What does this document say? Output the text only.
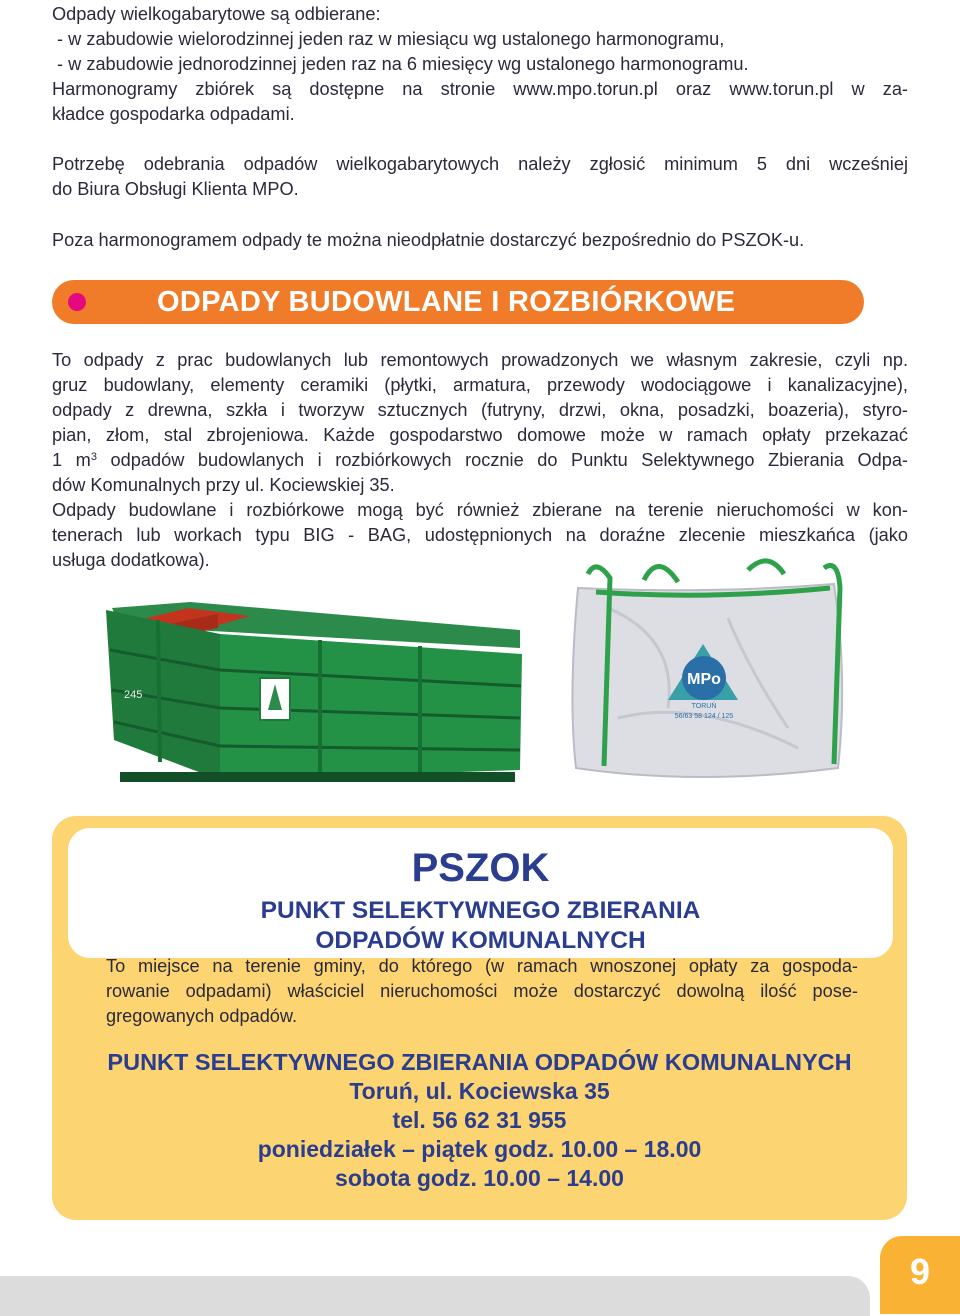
Odpady wielkogabarytowe są odbierane:
- w zabudowie wielorodzinnej jeden raz w miesiącu wg ustalonego harmonogramu,
- w zabudowie jednorodzinnej jeden raz na 6 miesięcy wg ustalonego harmonogramu.
Harmonogramy zbiórek są dostępne na stronie www.mpo.torun.pl oraz www.torun.pl w za-
kładce gospodarka odpadami.
Potrzebę odebrania odpadów wielkogabarytowych należy zgłosić minimum 5 dni wcześniej
do Biura Obsługi Klienta MPO.
Poza harmonogramem odpady te można nieodpłatnie dostarczyć bezpośrednio do PSZOK-u.
ODPADY BUDOWLANE I ROZBIÓRKOWE
To odpady z prac budowlanych lub remontowych prowadzonych we własnym zakresie, czyli np.
gruz budowlany, elementy ceramiki (płytki, armatura, przewody wodociągowe i kanalizacyjne),
odpady z drewna, szkła i tworzyw sztucznych (futryny, drzwi, okna, posadzki, boazeria), styro-
pian, złom, stal zbrojeniowa. Każde gospodarstwo domowe może w ramach opłaty przekazać
1 $m^3$ odpadów budowlanych i rozbiórkowych rocznie do Punktu Selektywnego Zbierania Odpa-
dów Komunalnych przy ul. Kociewskiej 35.
Odpady budowlane i rozbiórkowe mogą być również zbierane na terenie nieruchomości w kon-
tenerach lub workach typu BIG - BAG, udostępnionych na doraźne zlecenie mieszkańca (jako
usługa dodatkowa).
245
MPo
TORUŃ
56/63 58 124 / 125
PSZOK
PUNKT SELEKTYWNEGO ZBIERANIA
ODPADÓW KOMUNALNYCH
To miejsce na terenie gminy, do którego (w ramach wnoszonej opłaty za gospoda-
rowanie odpadami) właściciel nieruchomości może dostarczyć dowolną ilość pose-
gregowanych odpadów.
PUNKT SELEKTYWNEGO ZBIERANIA ODPADÓW KOMUNALNYCH
Toruń, ul. Kociewska 35
tel. 56 62 31 955
poniedziałek – piątek godz. 10.00 – 18.00
sobota godz. 10.00 – 14.00
9
